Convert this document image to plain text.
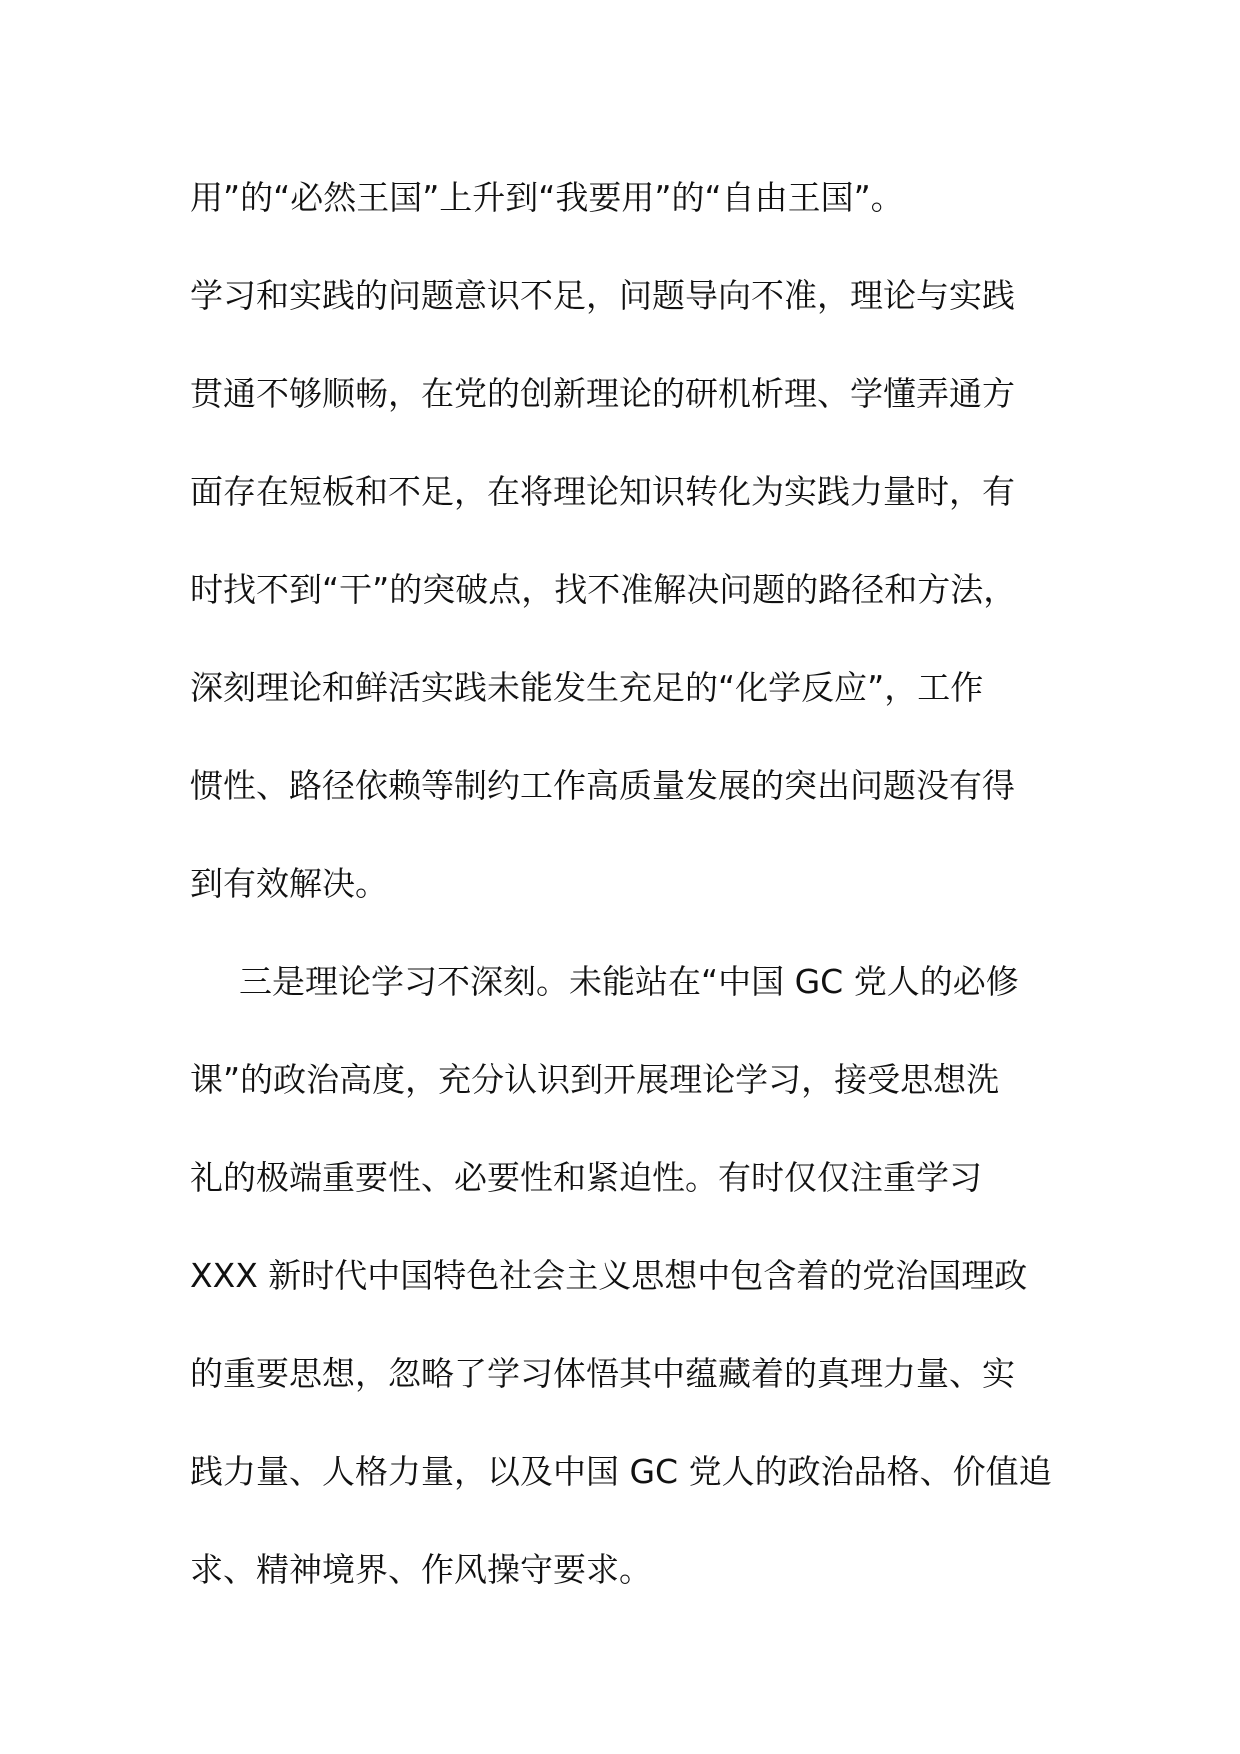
用”的“必然王国”上升到“我要用”的“自由王国”。
学习和实践的问题意识不足，问题导向不准，理论与实践
贯通不够顺畅，在党的创新理论的研机析理、学懂弄通方
面存在短板和不足，在将理论知识转化为实践力量时，有
时找不到“干”的突破点，找不准解决问题的路径和方法，
深刻理论和鲜活实践未能发生充足的“化学反应”，工作
惯性、路径依赖等制约工作高质量发展的突出问题没有得
到有效解决。
三是理论学习不深刻。未能站在“中国 GC 党人的必修
课”的政治高度，充分认识到开展理论学习，接受思想洗
礼的极端重要性、必要性和紧迫性。有时仅仅注重学习
XXX 新时代中国特色社会主义思想中包含着的党治国理政
的重要思想，忽略了学习体悟其中蕴藏着的真理力量、实
践力量、人格力量，以及中国 GC 党人的政治品格、价值追
求、精神境界、作风操守要求。
